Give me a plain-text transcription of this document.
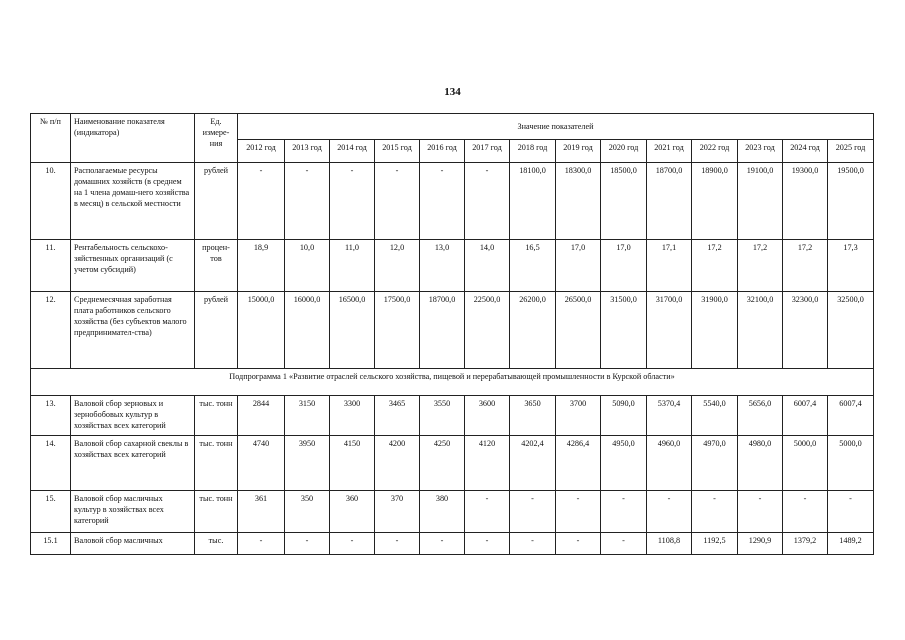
134
№ п/п	Наименование показателя (индикатора)	Ед. измере-ния	Значение показателей													
			2012 год	2013 год	2014 год	2015 год	2016 год	2017 год	2018 год	2019 год	2020 год	2021 год	2022 год	2023 год	2024 год	2025 год
10.	Располагаемые ресурсы домашних хозяйств (в среднем на 1 члена домаш-него хозяйства в месяц) в сельской местности	рублей	-	-	-	-	-	-	18100,0	18300,0	18500,0	18700,0	18900,0	19100,0	19300,0	19500,0
11.	Рентабельность сельскохо-зяйственных организаций (с учетом субсидий)	процен-тов	18,9	10,0	11,0	12,0	13,0	14,0	16,5	17,0	17,0	17,1	17,2	17,2	17,2	17,3
12.	Среднемесячная заработная плата работников сельского хозяйства (без субъектов малого предпринимател-ства)	рублей	15000,0	16000,0	16500,0	17500,0	18700,0	22500,0	26200,0	26500,0	31500,0	31700,0	31900,0	32100,0	32300,0	32500,0
Подпрограмма 1 «Развитие отраслей сельского хозяйства, пищевой и перерабатывающей промышленности в Курской области»																
13.	Валовой сбор зерновых и зернобобовых культур в хозяйствах всех категорий	тыс. тонн	2844	3150	3300	3465	3550	3600	3650	3700	5090,0	5370,4	5540,0	5656,0	6007,4	6007,4
14.	Валовой сбор сахарной свеклы в хозяйствах всех категорий	тыс. тонн	4740	3950	4150	4200	4250	4120	4202,4	4286,4	4950,0	4960,0	4970,0	4980,0	5000,0	5000,0
15.	Валовой сбор масличных культур в хозяйствах всех категорий	тыс. тонн	361	350	360	370	380	-	-	-	-	-	-	-	-	-
15.1	Валовой сбор масличных	тыс.	-	-	-	-	-	-	-	-	-	1108,8	1192,5	1290,9	1379,2	1489,2
